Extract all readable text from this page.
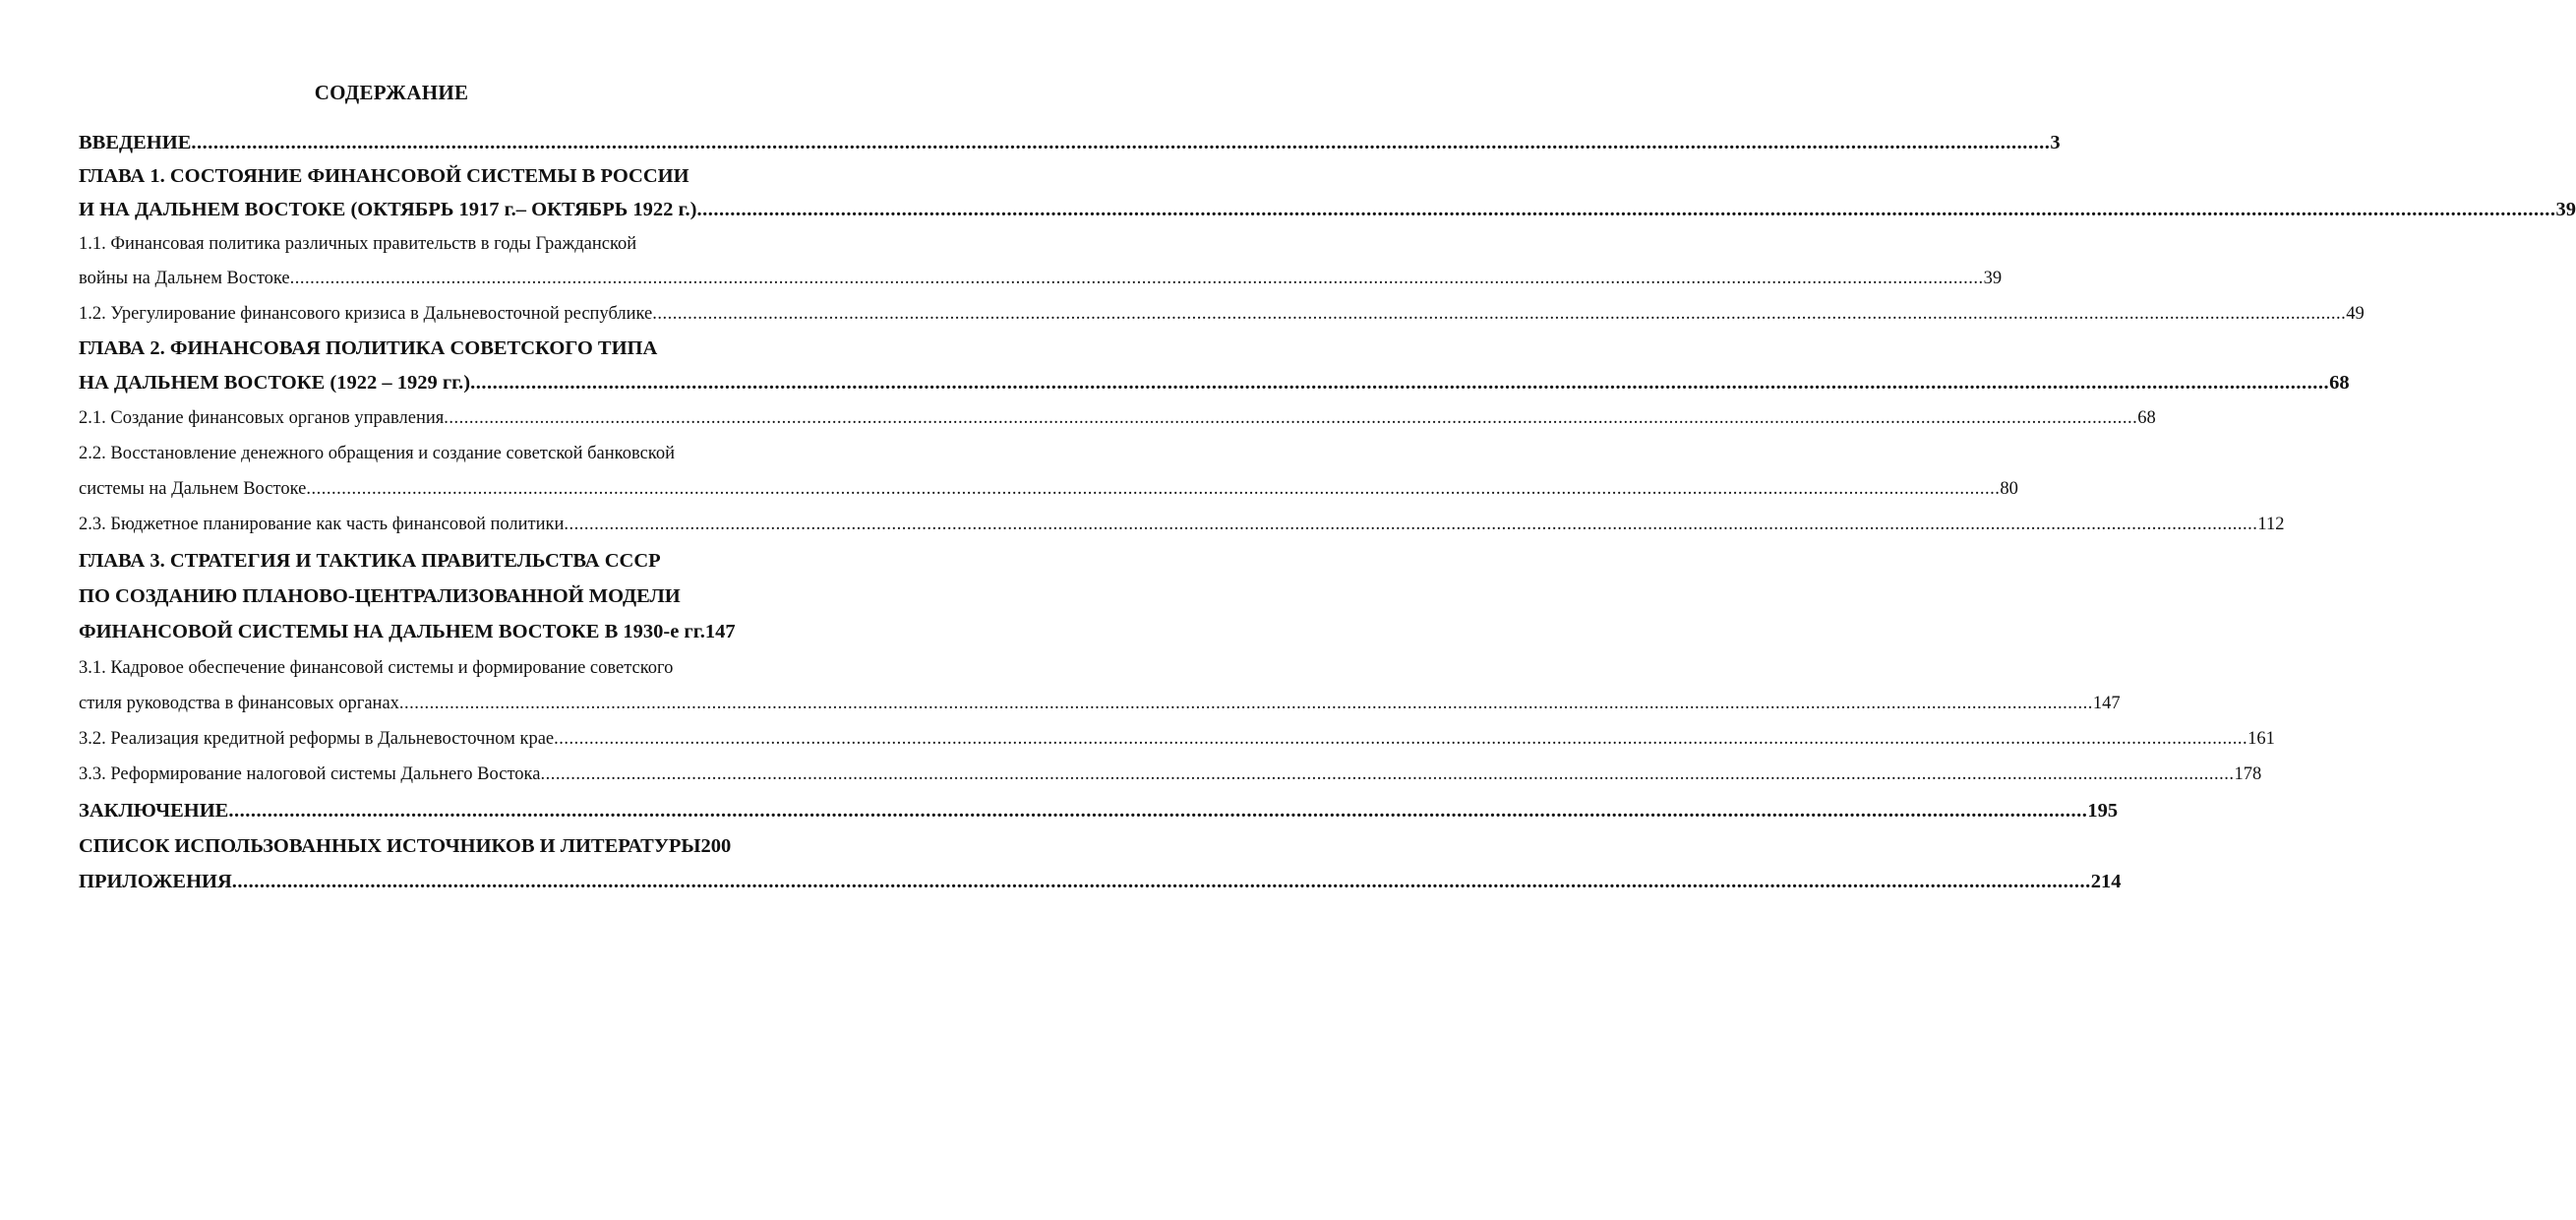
СОДЕРЖАНИЕ
ВВЕДЕНИЕ .....	3
ГЛАВА 1. СОСТОЯНИЕ ФИНАНСОВОЙ СИСТЕМЫ В РОССИИ
И НА ДАЛЬНЕМ ВОСТОКЕ (ОКТЯБРЬ 1917 г.– ОКТЯБРЬ 1922 г.) .....	39
1.1. Финансовая политика различных правительств в годы Гражданской
войны на Дальнем Востоке .....	39
1.2. Урегулирование финансового кризиса в Дальневосточной республике .....	49
ГЛАВА 2. ФИНАНСОВАЯ ПОЛИТИКА СОВЕТСКОГО ТИПА
НА ДАЛЬНЕМ ВОСТОКЕ (1922 – 1929 гг.) .....	68
2.1. Создание финансовых органов управления .....	68
2.2. Восстановление денежного обращения и создание советской банковской
системы на Дальнем Востоке .....	80
2.3. Бюджетное планирование как часть финансовой политики .....	112
ГЛАВА 3. СТРАТЕГИЯ И ТАКТИКА ПРАВИТЕЛЬСТВА СССР
ПО СОЗДАНИЮ ПЛАНОВО-ЦЕНТРАЛИЗОВАННОЙ МОДЕЛИ
ФИНАНСОВОЙ СИСТЕМЫ НА ДАЛЬНЕМ ВОСТОКЕ В 1930-е гг. 147
3.1. Кадровое обеспечение финансовой системы и формирование советского
стиля руководства в финансовых органах .....	147
3.2. Реализация кредитной реформы в Дальневосточном крае .....	161
3.3. Реформирование налоговой системы Дальнего Востока .....	178
ЗАКЛЮЧЕНИЕ .....	195
СПИСОК ИСПОЛЬЗОВАННЫХ ИСТОЧНИКОВ И ЛИТЕРАТУРЫ 200
ПРИЛОЖЕНИЯ .....	214
